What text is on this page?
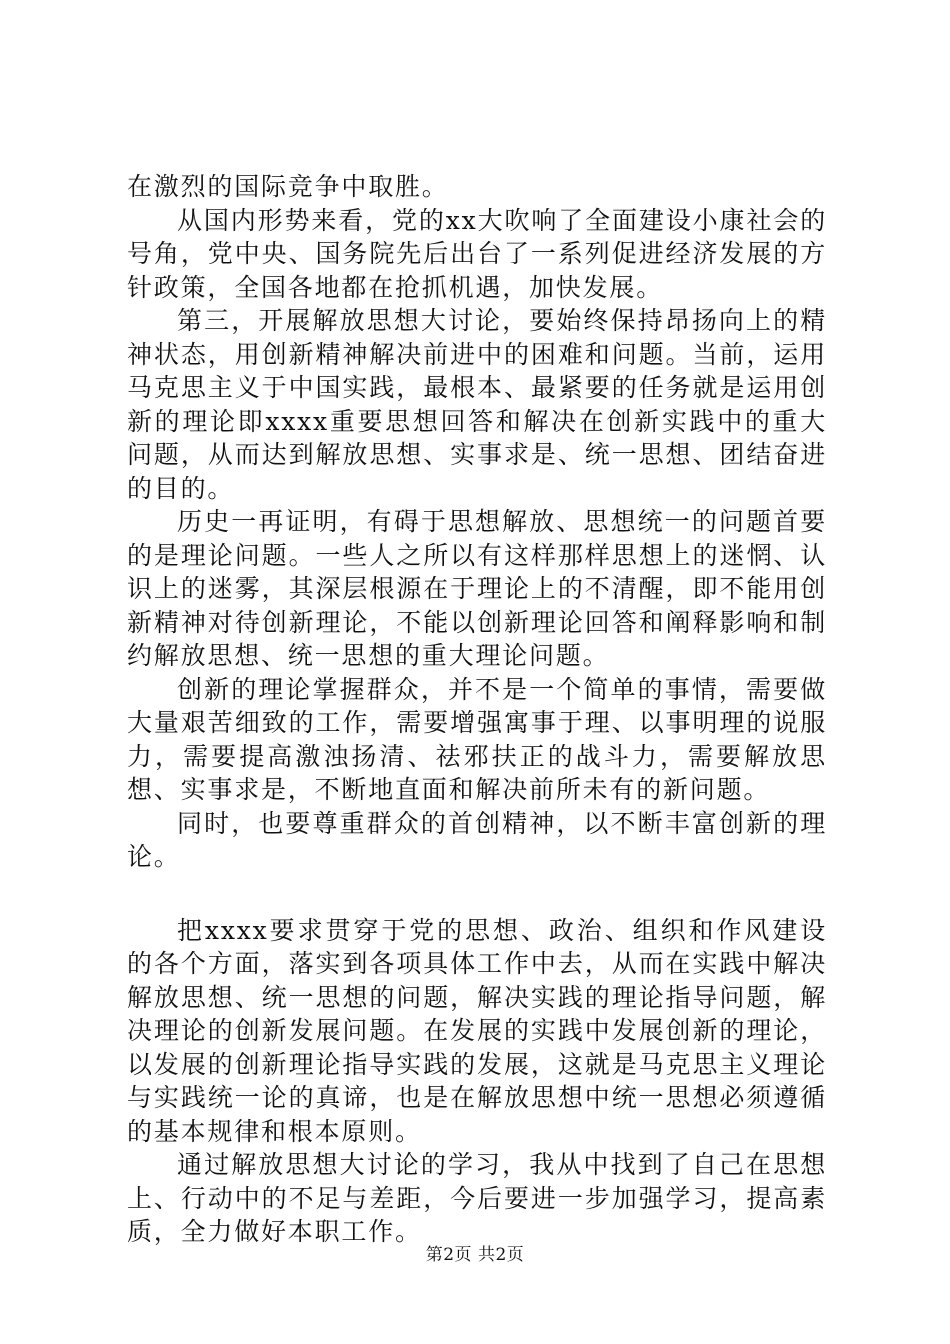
在激烈的国际竞争中取胜。

从国内形势来看，党的xx大吹响了全面建设小康社会的号角，党中央、国务院先后出台了一系列促进经济发展的方针政策，全国各地都在抢抓机遇，加快发展。

第三，开展解放思想大讨论，要始终保持昂扬向上的精神状态，用创新精神解决前进中的困难和问题。当前，运用马克思主义于中国实践，最根本、最紧要的任务就是运用创新的理论即xxxx重要思想回答和解决在创新实践中的重大问题，从而达到解放思想、实事求是、统一思想、团结奋进的目的。

历史一再证明，有碍于思想解放、思想统一的问题首要的是理论问题。一些人之所以有这样那样思想上的迷惘、认识上的迷雾，其深层根源在于理论上的不清醒，即不能用创新精神对待创新理论，不能以创新理论回答和阐释影响和制约解放思想、统一思想的重大理论问题。

创新的理论掌握群众，并不是一个简单的事情，需要做大量艰苦细致的工作，需要增强寓事于理、以事明理的说服力，需要提高激浊扬清、祛邪扶正的战斗力，需要解放思想、实事求是，不断地直面和解决前所未有的新问题。

同时，也要尊重群众的首创精神，以不断丰富创新的理论。

把xxxx要求贯穿于党的思想、政治、组织和作风建设的各个方面，落实到各项具体工作中去，从而在实践中解决解放思想、统一思想的问题，解决实践的理论指导问题，解决理论的创新发展问题。在发展的实践中发展创新的理论，以发展的创新理论指导实践的发展，这就是马克思主义理论与实践统一论的真谛，也是在解放思想中统一思想必须遵循的基本规律和根本原则。

通过解放思想大讨论的学习，我从中找到了自己在思想上、行动中的不足与差距，今后要进一步加强学习，提高素质，全力做好本职工作。

第2页 共2页
